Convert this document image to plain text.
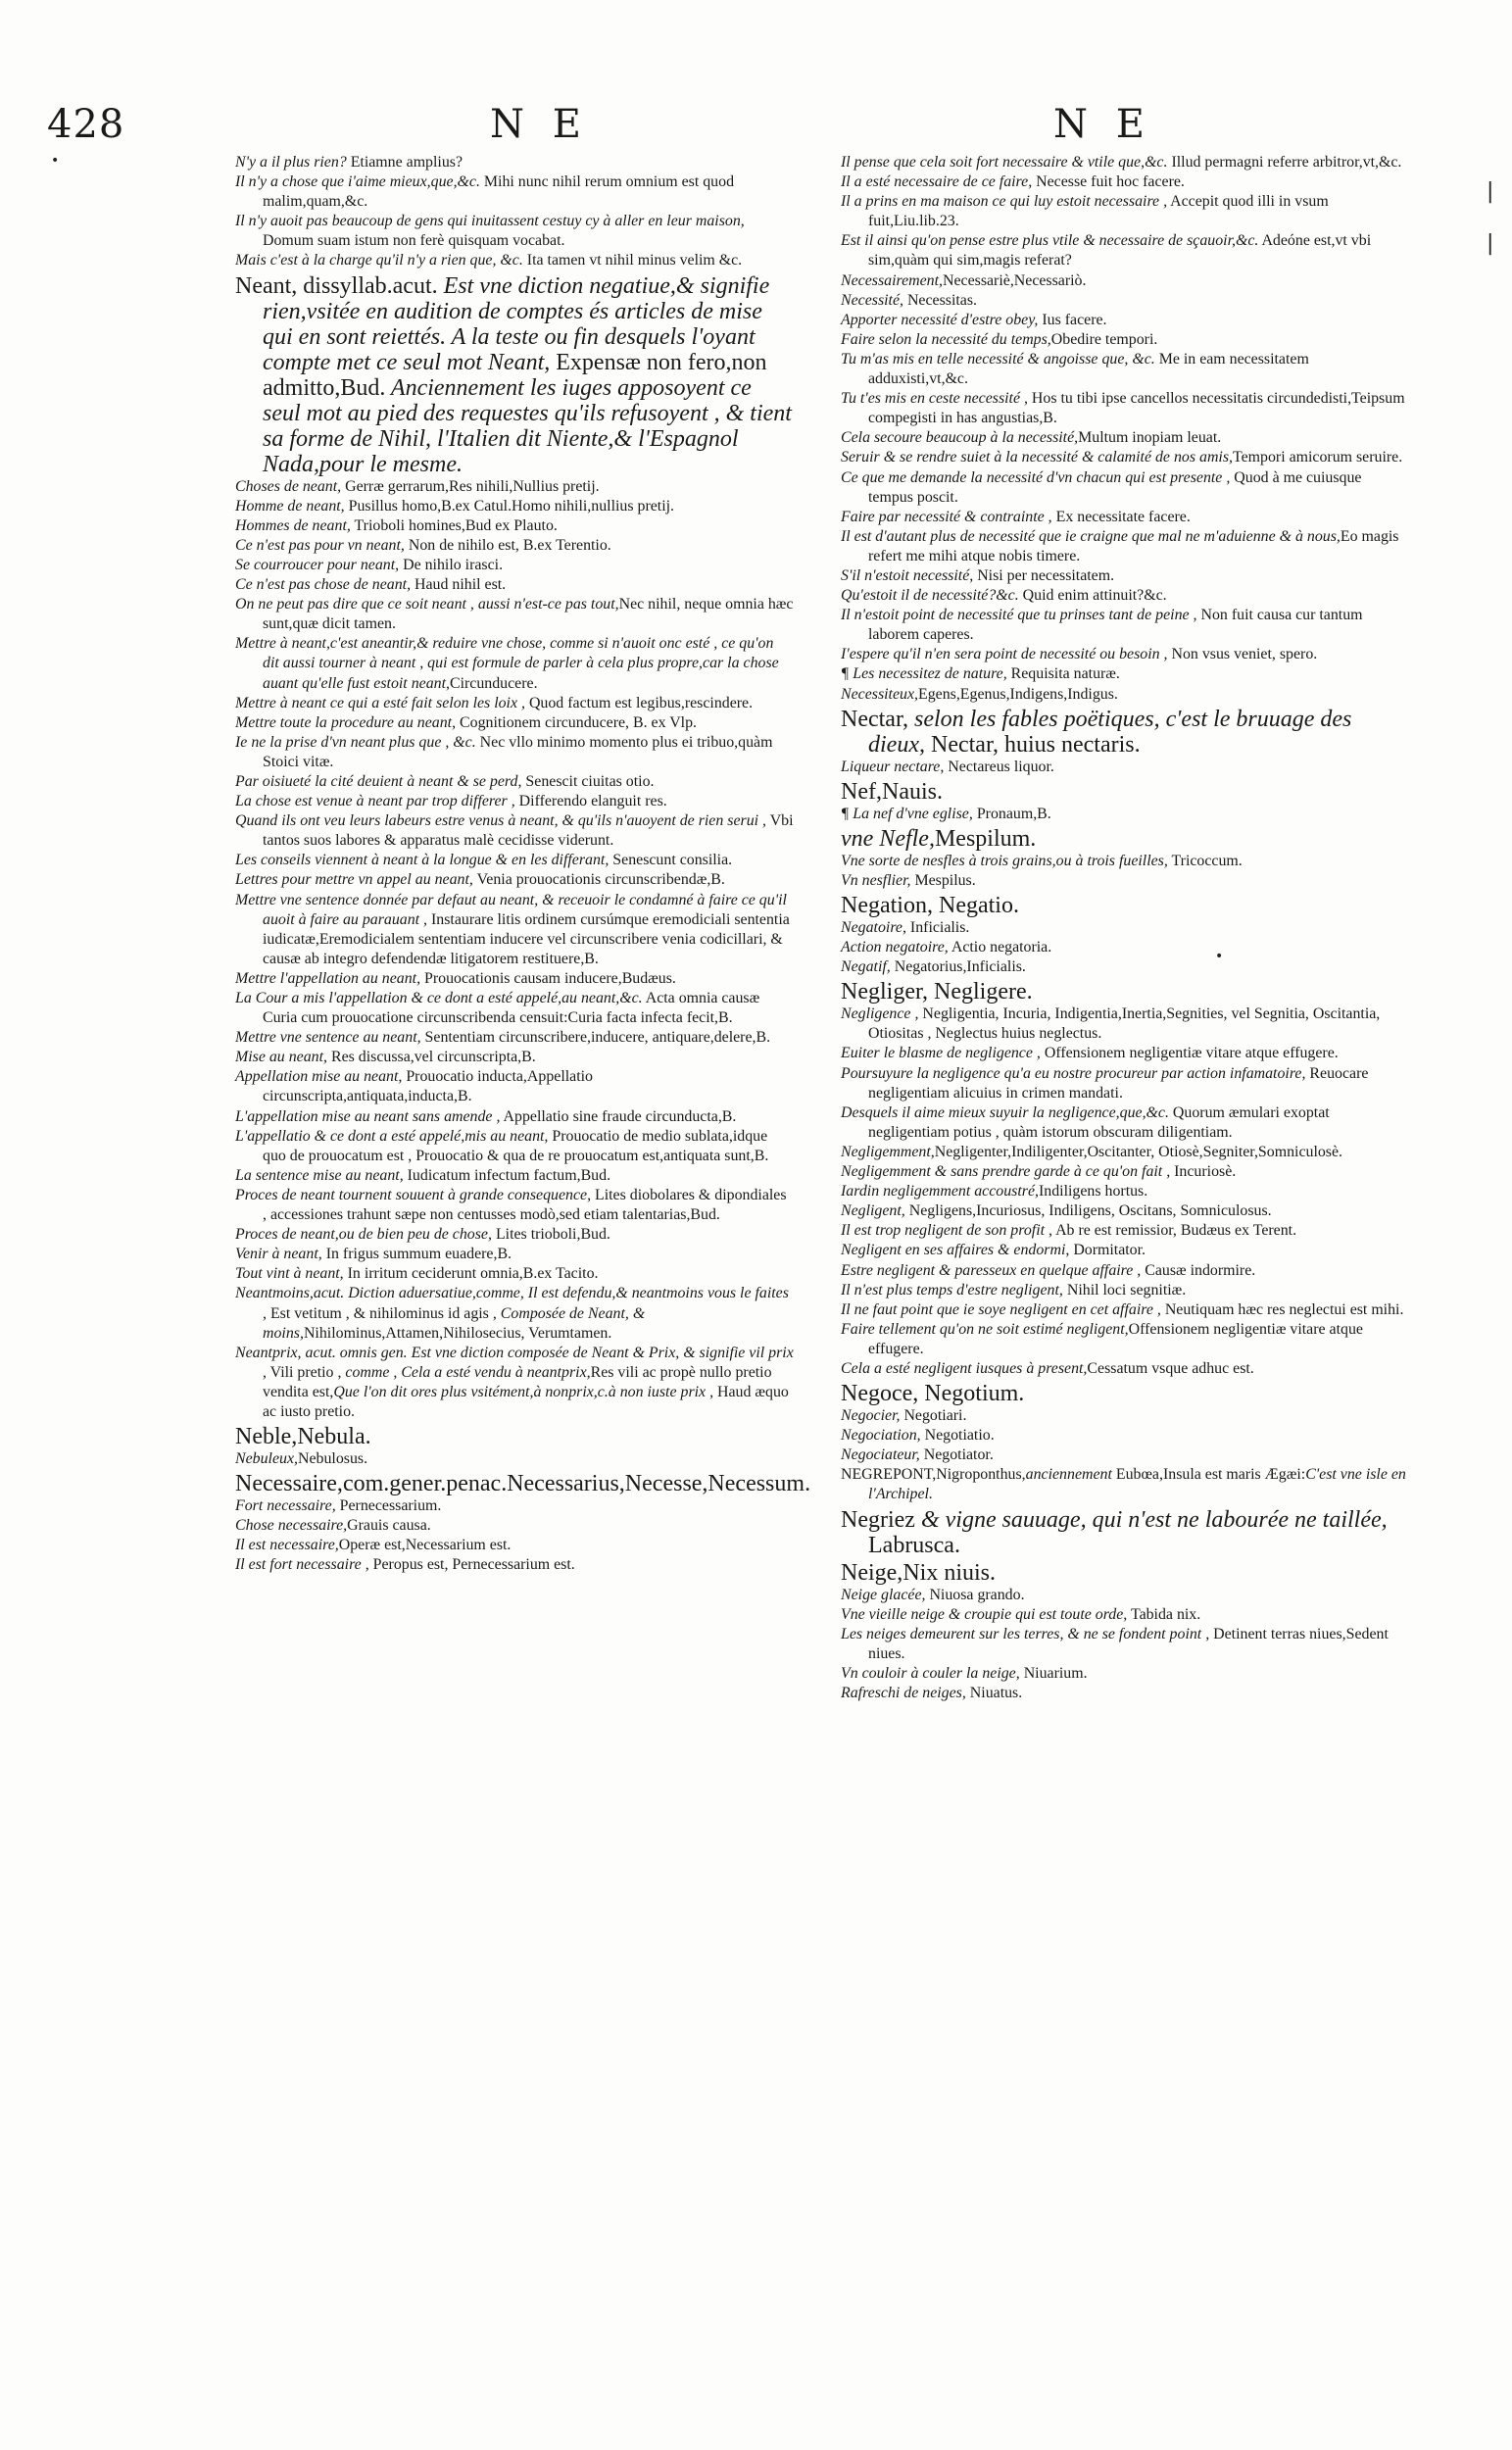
428	N E	N E
•
|
|
•
N'y a il plus rien? Etiamne amplius?
Il n'y a chose que i'aime mieux,que,&c. Mihi nunc nihil rerum omnium est quod malim,quam,&c.
Il n'y auoit pas beaucoup de gens qui inuitassent cestuy cy à aller en leur maison, Domum suam istum non ferè quisquam vocabat.
Mais c'est à la charge qu'il n'y a rien que, &c. Ita tamen vt nihil minus velim &c.
Neant, dissyllab.acut. Est vne diction negatiue,& signifie rien,vsitée en audition de comptes és articles de mise qui en sont reiettés. A la teste ou fin desquels l'oyant compte met ce seul mot Neant, Expensæ non fero,non admitto,Bud. Anciennement les iuges apposoyent ce seul mot au pied des requestes qu'ils refusoyent , & tient sa forme de Nihil, l'Italien dit Niente,& l'Espagnol Nada,pour le mesme.
Choses de neant, Gerræ gerrarum,Res nihili,Nullius pretij.
Homme de neant, Pusillus homo,B.ex Catul.Homo nihili,nullius pretij.
Hommes de neant, Trioboli homines,Bud ex Plauto.
Ce n'est pas pour vn neant, Non de nihilo est, B.ex Terentio.
Se courroucer pour neant, De nihilo irasci.
Ce n'est pas chose de neant, Haud nihil est.
On ne peut pas dire que ce soit neant , aussi n'est-ce pas tout,Nec nihil, neque omnia hæc sunt,quæ dicit tamen.
Mettre à neant,c'est aneantir,& reduire vne chose, comme si n'auoit onc esté , ce qu'on dit aussi tourner à neant , qui est formule de parler à cela plus propre,car la chose auant qu'elle fust estoit neant,Circunducere.
Mettre à neant ce qui a esté fait selon les loix , Quod factum est legibus,rescindere.
Mettre toute la procedure au neant, Cognitionem circunducere, B. ex Vlp.
Ie ne la prise d'vn neant plus que , &c. Nec vllo minimo momento plus ei tribuo,quàm Stoici vitæ.
Par oisiueté la cité deuient à neant & se perd, Senescit ciuitas otio.
La chose est venue à neant par trop differer , Differendo elanguit res.
Quand ils ont veu leurs labeurs estre venus à neant, & qu'ils n'auoyent de rien serui , Vbi tantos suos labores & apparatus malè cecidisse viderunt.
Les conseils viennent à neant à la longue & en les differant, Senescunt consilia.
Lettres pour mettre vn appel au neant, Venia prouocationis circunscribendæ,B.
Mettre vne sentence donnée par defaut au neant, & receuoir le condamné à faire ce qu'il auoit à faire au parauant , Instaurare litis ordinem cursúmque eremodiciali sententia iudicatæ,Eremodicialem sententiam inducere vel circunscribere venia codicillari, & causæ ab integro defendendæ litigatorem restituere,B.
Mettre l'appellation au neant, Prouocationis causam inducere,Budæus.
La Cour a mis l'appellation & ce dont a esté appelé,au neant,&c. Acta omnia causæ Curia cum prouocatione circunscribenda censuit:Curia facta infecta fecit,B.
Mettre vne sentence au neant, Sententiam circunscribere,inducere, antiquare,delere,B.
Mise au neant, Res discussa,vel circunscripta,B.
Appellation mise au neant, Prouocatio inducta,Appellatio circunscripta,antiquata,inducta,B.
L'appellation mise au neant sans amende , Appellatio sine fraude circunducta,B.
L'appellatio & ce dont a esté appelé,mis au neant, Prouocatio de medio sublata,idque quo de prouocatum est , Prouocatio & qua de re prouocatum est,antiquata sunt,B.
La sentence mise au neant, Iudicatum infectum factum,Bud.
Proces de neant tournent souuent à grande consequence, Lites diobolares & dipondiales , accessiones trahunt sæpe non centusses modò,sed etiam talentarias,Bud.
Proces de neant,ou de bien peu de chose, Lites trioboli,Bud.
Venir à neant, In frigus summum euadere,B.
Tout vint à neant, In irritum ceciderunt omnia,B.ex Tacito.
Neantmoins,acut. Diction aduersatiue,comme, Il est defendu,& neantmoins vous le faites , Est vetitum , & nihilominus id agis , Composée de Neant, & moins,Nihilominus,Attamen,Nihilosecius, Verumtamen.
Neantprix, acut. omnis gen. Est vne diction composée de Neant & Prix, & signifie vil prix , Vili pretio , comme , Cela a esté vendu à neantprix,Res vili ac propè nullo pretio vendita est,Que l'on dit ores plus vsitément,à nonprix,c.à non iuste prix , Haud æquo ac iusto pretio.
Neble,Nebula.
Nebuleux,Nebulosus.
Necessaire,com.gener.penac.Necessarius,Necesse,Necessum.
Fort necessaire, Pernecessarium.
Chose necessaire,Grauis causa.
Il est necessaire,Operæ est,Necessarium est.
Il est fort necessaire , Peropus est, Pernecessarium est.
Il pense que cela soit fort necessaire & vtile que,&c. Illud permagni referre arbitror,vt,&c.
Il a esté necessaire de ce faire, Necesse fuit hoc facere.
Il a prins en ma maison ce qui luy estoit necessaire , Accepit quod illi in vsum fuit,Liu.lib.23.
Est il ainsi qu'on pense estre plus vtile & necessaire de sçauoir,&c. Adeóne est,vt vbi sim,quàm qui sim,magis referat?
Necessairement,Necessariè,Necessariò.
Necessité, Necessitas.
Apporter necessité d'estre obey, Ius facere.
Faire selon la necessité du temps,Obedire tempori.
Tu m'as mis en telle necessité & angoisse que, &c. Me in eam necessitatem adduxisti,vt,&c.
Tu t'es mis en ceste necessité , Hos tu tibi ipse cancellos necessitatis circundedisti,Teipsum compegisti in has angustias,B.
Cela secoure beaucoup à la necessité,Multum inopiam leuat.
Seruir & se rendre suiet à la necessité & calamité de nos amis,Tempori amicorum seruire.
Ce que me demande la necessité d'vn chacun qui est presente , Quod à me cuiusque tempus poscit.
Faire par necessité & contrainte , Ex necessitate facere.
Il est d'autant plus de necessité que ie craigne que mal ne m'aduienne & à nous,Eo magis refert me mihi atque nobis timere.
S'il n'estoit necessité, Nisi per necessitatem.
Qu'estoit il de necessité?&c. Quid enim attinuit?&c.
Il n'estoit point de necessité que tu prinses tant de peine , Non fuit causa cur tantum laborem caperes.
I'espere qu'il n'en sera point de necessité ou besoin , Non vsus veniet, spero.
¶ Les necessitez de nature, Requisita naturæ.
Necessiteux,Egens,Egenus,Indigens,Indigus.
Nectar, selon les fables poëtiques, c'est le bruuage des dieux, Nectar, huius nectaris.
Liqueur nectare, Nectareus liquor.
Nef,Nauis.
¶ La nef d'vne eglise, Pronaum,B.
vne Nefle,Mespilum.
Vne sorte de nesfles à trois grains,ou à trois fueilles, Tricoccum.
Vn nesflier, Mespilus.
Negation, Negatio.
Negatoire, Inficialis.
Action negatoire, Actio negatoria.
Negatif, Negatorius,Inficialis.
Negliger, Negligere.
Negligence , Negligentia, Incuria, Indigentia,Inertia,Segnities, vel Segnitia, Oscitantia, Otiositas , Neglectus huius neglectus.
Euiter le blasme de negligence , Offensionem negligentiæ vitare atque effugere.
Poursuyure la negligence qu'a eu nostre procureur par action infamatoire, Reuocare negligentiam alicuius in crimen mandati.
Desquels il aime mieux suyuir la negligence,que,&c. Quorum æmulari exoptat negligentiam potius , quàm istorum obscuram diligentiam.
Negligemment,Negligenter,Indiligenter,Oscitanter, Otiosè,Segniter,Somniculosè.
Negligemment & sans prendre garde à ce qu'on fait , Incuriosè.
Iardin negligemment accoustré,Indiligens hortus.
Negligent, Negligens,Incuriosus, Indiligens, Oscitans, Somniculosus.
Il est trop negligent de son profit , Ab re est remissior, Budæus ex Terent.
Negligent en ses affaires & endormi, Dormitator.
Estre negligent & paresseux en quelque affaire , Causæ indormire.
Il n'est plus temps d'estre negligent, Nihil loci segnitiæ.
Il ne faut point que ie soye negligent en cet affaire , Neutiquam hæc res neglectui est mihi.
Faire tellement qu'on ne soit estimé negligent,Offensionem negligentiæ vitare atque effugere.
Cela a esté negligent iusques à present,Cessatum vsque adhuc est.
Negoce, Negotium.
Negocier, Negotiari.
Negociation, Negotiatio.
Negociateur, Negotiator.
NEGREPONT,Nigroponthus,anciennement Eubœa,Insula est maris Ægæi:C'est vne isle en l'Archipel.
Negriez & vigne sauuage, qui n'est ne labourée ne taillée, Labrusca.
Neige,Nix niuis.
Neige glacée, Niuosa grando.
Vne vieille neige & croupie qui est toute orde, Tabida nix.
Les neiges demeurent sur les terres, & ne se fondent point , Detinent terras niues,Sedent niues.
Vn couloir à couler la neige, Niuarium.
Rafreschi de neiges, Niuatus.
